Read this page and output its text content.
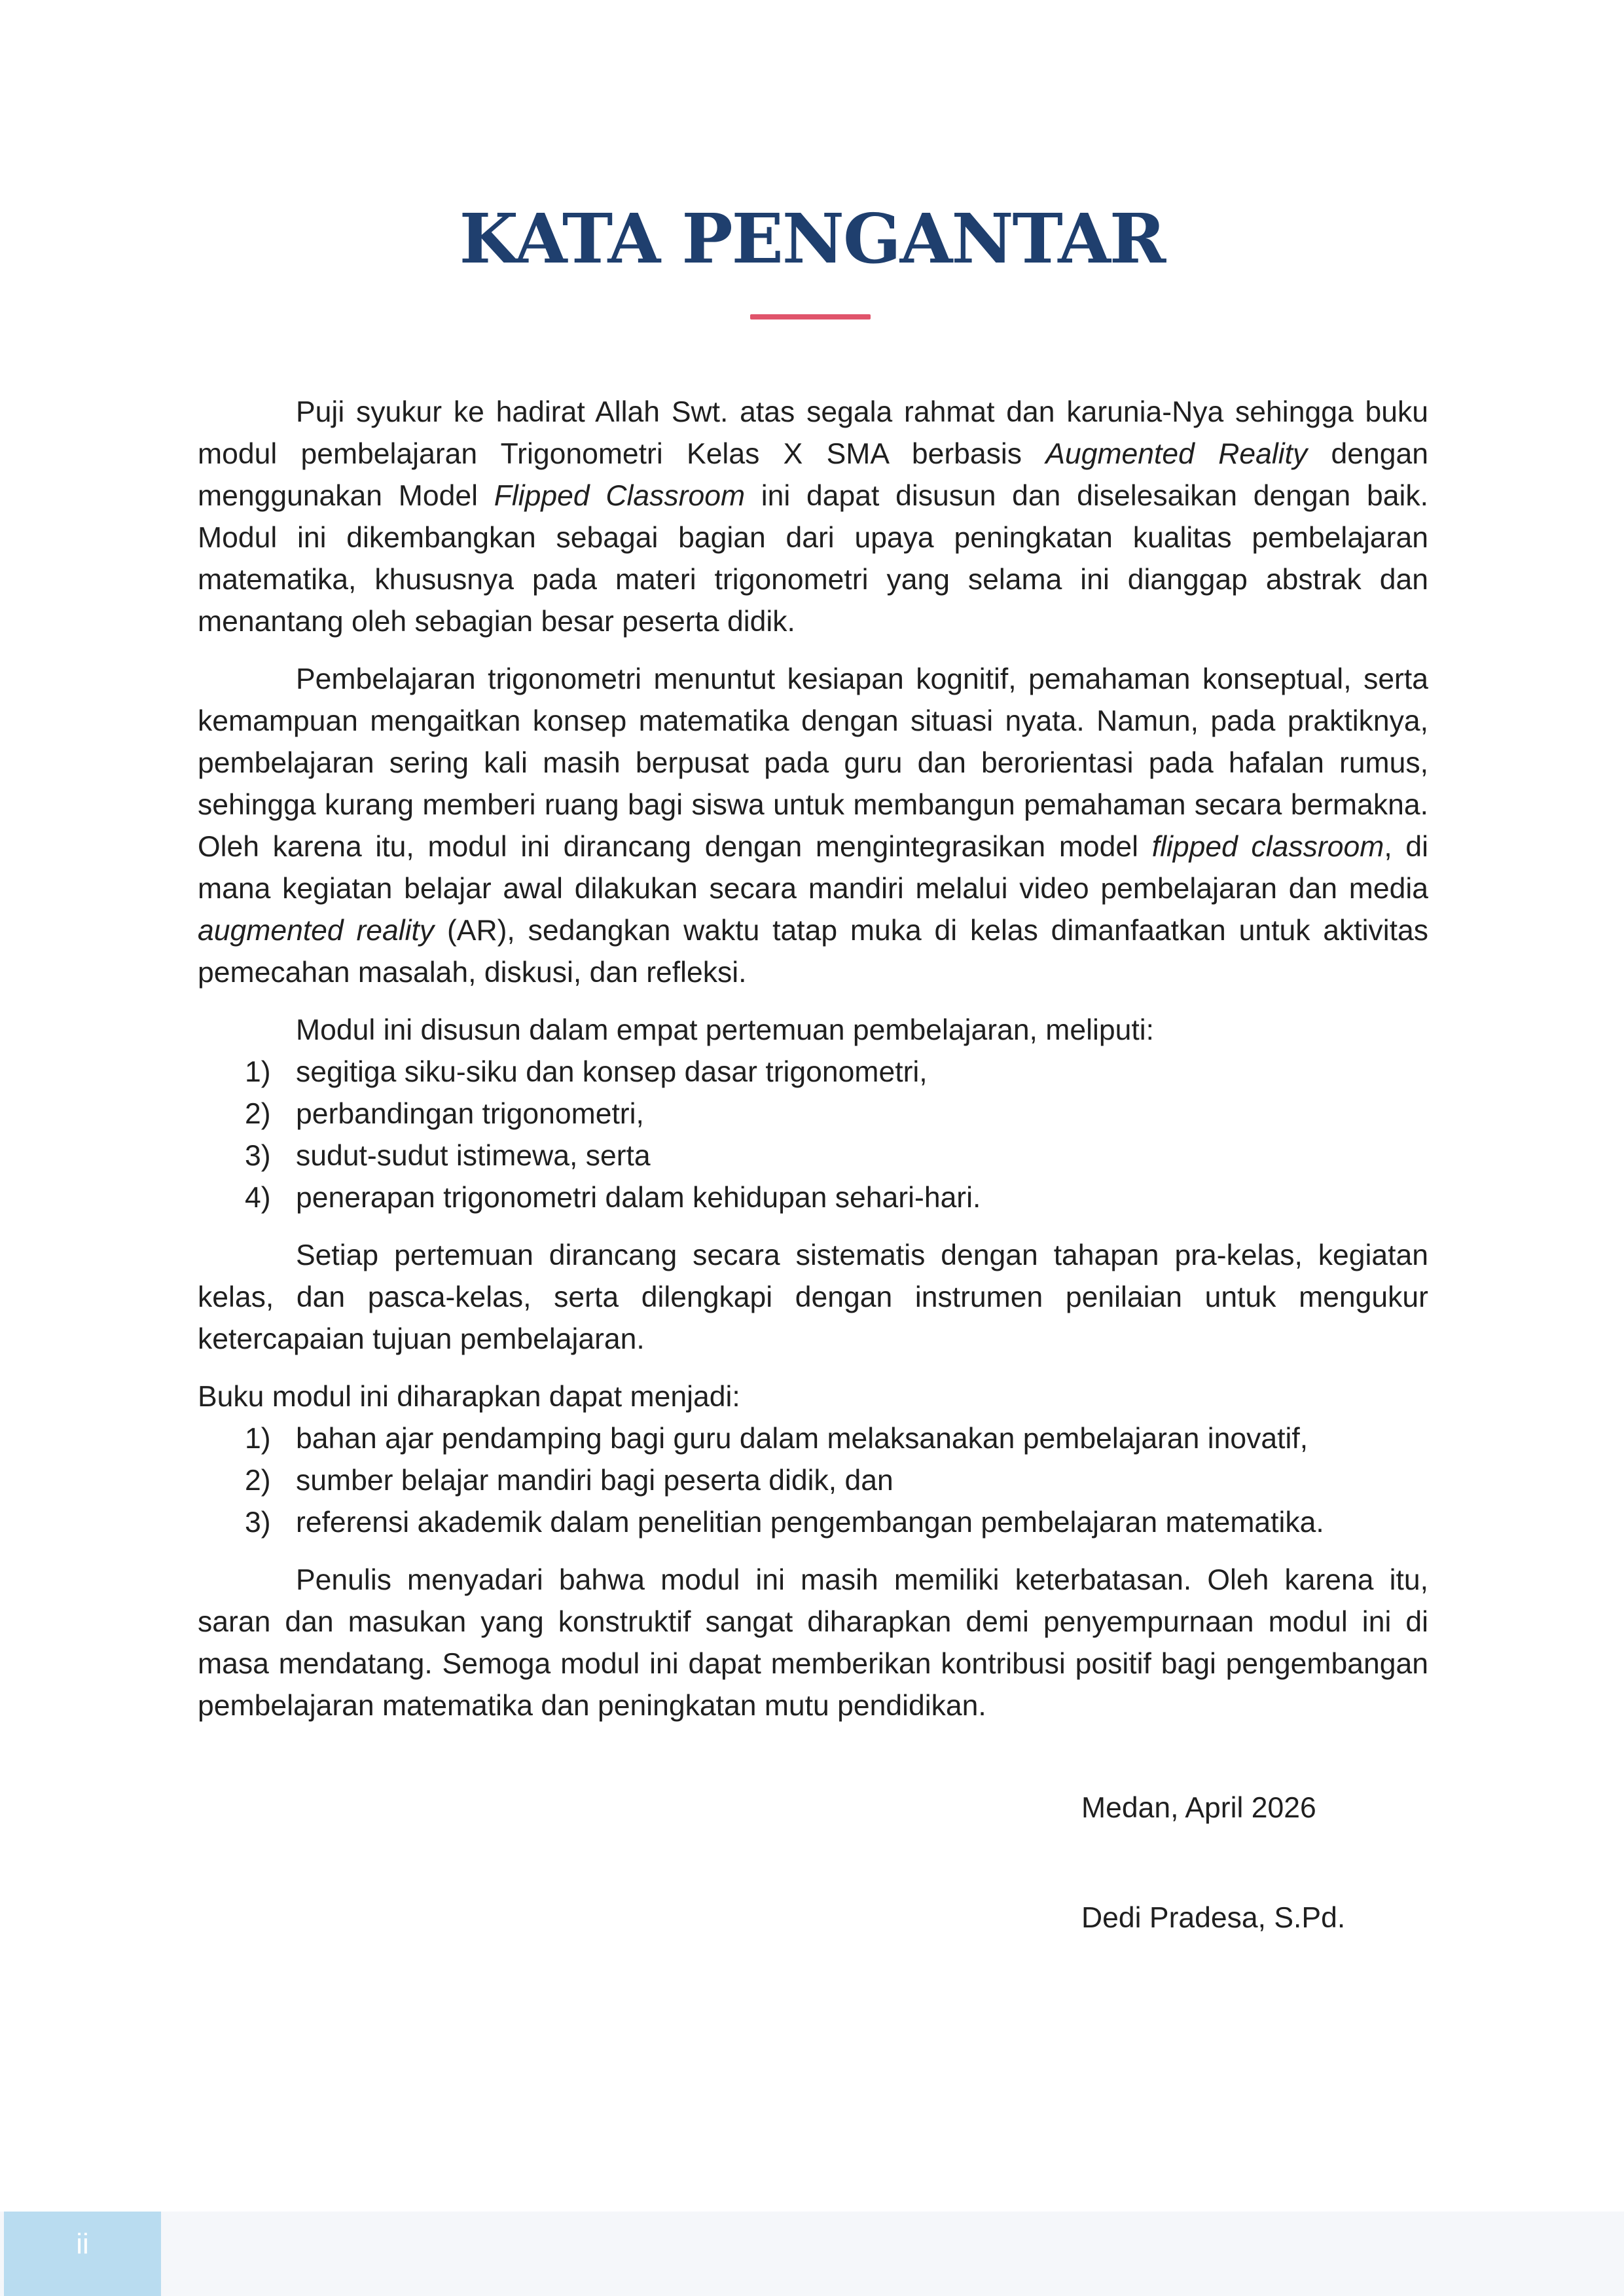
KATA PENGANTAR

Puji syukur ke hadirat Allah Swt. atas segala rahmat dan karunia-Nya sehingga buku modul pembelajaran Trigonometri Kelas X SMA berbasis Augmented Reality dengan menggunakan Model Flipped Classroom ini dapat disusun dan diselesaikan dengan baik. Modul ini dikembangkan sebagai bagian dari upaya peningkatan kualitas pembelajaran matematika, khususnya pada materi trigonometri yang selama ini dianggap abstrak dan menantang oleh sebagian besar peserta didik.

Pembelajaran trigonometri menuntut kesiapan kognitif, pemahaman konseptual, serta kemampuan mengaitkan konsep matematika dengan situasi nyata. Namun, pada praktiknya, pembelajaran sering kali masih berpusat pada guru dan berorientasi pada hafalan rumus, sehingga kurang memberi ruang bagi siswa untuk membangun pemahaman secara bermakna. Oleh karena itu, modul ini dirancang dengan mengintegrasikan model flipped classroom, di mana kegiatan belajar awal dilakukan secara mandiri melalui video pembelajaran dan media augmented reality (AR), sedangkan waktu tatap muka di kelas dimanfaatkan untuk aktivitas pemecahan masalah, diskusi, dan refleksi.

Modul ini disusun dalam empat pertemuan pembelajaran, meliputi:

1) segitiga siku-siku dan konsep dasar trigonometri,
2) perbandingan trigonometri,
3) sudut-sudut istimewa, serta
4) penerapan trigonometri dalam kehidupan sehari-hari.

Setiap pertemuan dirancang secara sistematis dengan tahapan pra-kelas, kegiatan kelas, dan pasca-kelas, serta dilengkapi dengan instrumen penilaian untuk mengukur ketercapaian tujuan pembelajaran.

Buku modul ini diharapkan dapat menjadi:

1) bahan ajar pendamping bagi guru dalam melaksanakan pembelajaran inovatif,
2) sumber belajar mandiri bagi peserta didik, dan
3) referensi akademik dalam penelitian pengembangan pembelajaran matematika.

Penulis menyadari bahwa modul ini masih memiliki keterbatasan. Oleh karena itu, saran dan masukan yang konstruktif sangat diharapkan demi penyempurnaan modul ini di masa mendatang. Semoga modul ini dapat memberikan kontribusi positif bagi pengembangan pembelajaran matematika dan peningkatan mutu pendidikan.

Medan, April 2026
Dedi Pradesa, S.Pd.
ii
